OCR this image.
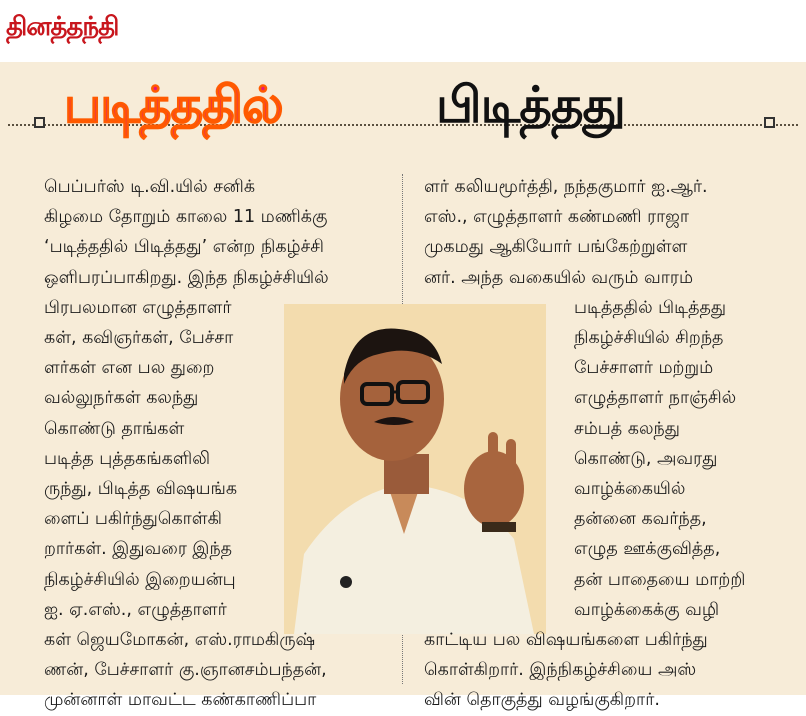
தினத்தந்தி
படித்ததில்	பிடித்தது
பெப்பர்ஸ் டி.வி.யில் சனிக்
கிழமை தோறும் காலை 11 மணிக்கு
‘படித்ததில் பிடித்தது’ என்ற நிகழ்ச்சி
ஒளிபரப்பாகிறது. இந்த நிகழ்ச்சியில்
பிரபலமான எழுத்தாளர்
கள், கவிஞர்கள், பேச்சா
ளர்கள் என பல துறை
வல்லுநர்கள் கலந்து
கொண்டு தாங்கள்
படித்த புத்தகங்களிலி
ருந்து, பிடித்த விஷயங்க
ளைப் பகிர்ந்துகொள்கி
றார்கள். இதுவரை இந்த
நிகழ்ச்சியில் இறையன்பு
ஐ. ஏ.எஸ்., எழுத்தாளர்
கள் ஜெயமோகன், எஸ்.ராமகிருஷ்
ணன், பேச்சாளர் கு.ஞானசம்பந்தன்,
முன்னாள் மாவட்ட கண்காணிப்பா
ளர் கலியமூர்த்தி, நந்தகுமார் ஐ.ஆர்.
எஸ்., எழுத்தாளர் கண்மணி ராஜா
முகமது ஆகியோர் பங்கேற்றுள்ள
னர். அந்த வகையில் வரும் வாரம்
படித்ததில் பிடித்தது
நிகழ்ச்சியில் சிறந்த
பேச்சாளர் மற்றும்
எழுத்தாளர் நாஞ்சில்
சம்பத் கலந்து
கொண்டு, அவரது
வாழ்க்கையில்
தன்னை கவர்ந்த,
எழுத ஊக்குவித்த,
தன் பாதையை மாற்றி
வாழ்க்கைக்கு வழி
காட்டிய பல விஷயங்களை பகிர்ந்து
கொள்கிறார். இந்நிகழ்ச்சியை அஸ்
வின் தொகுத்து வழங்குகிறார்.
